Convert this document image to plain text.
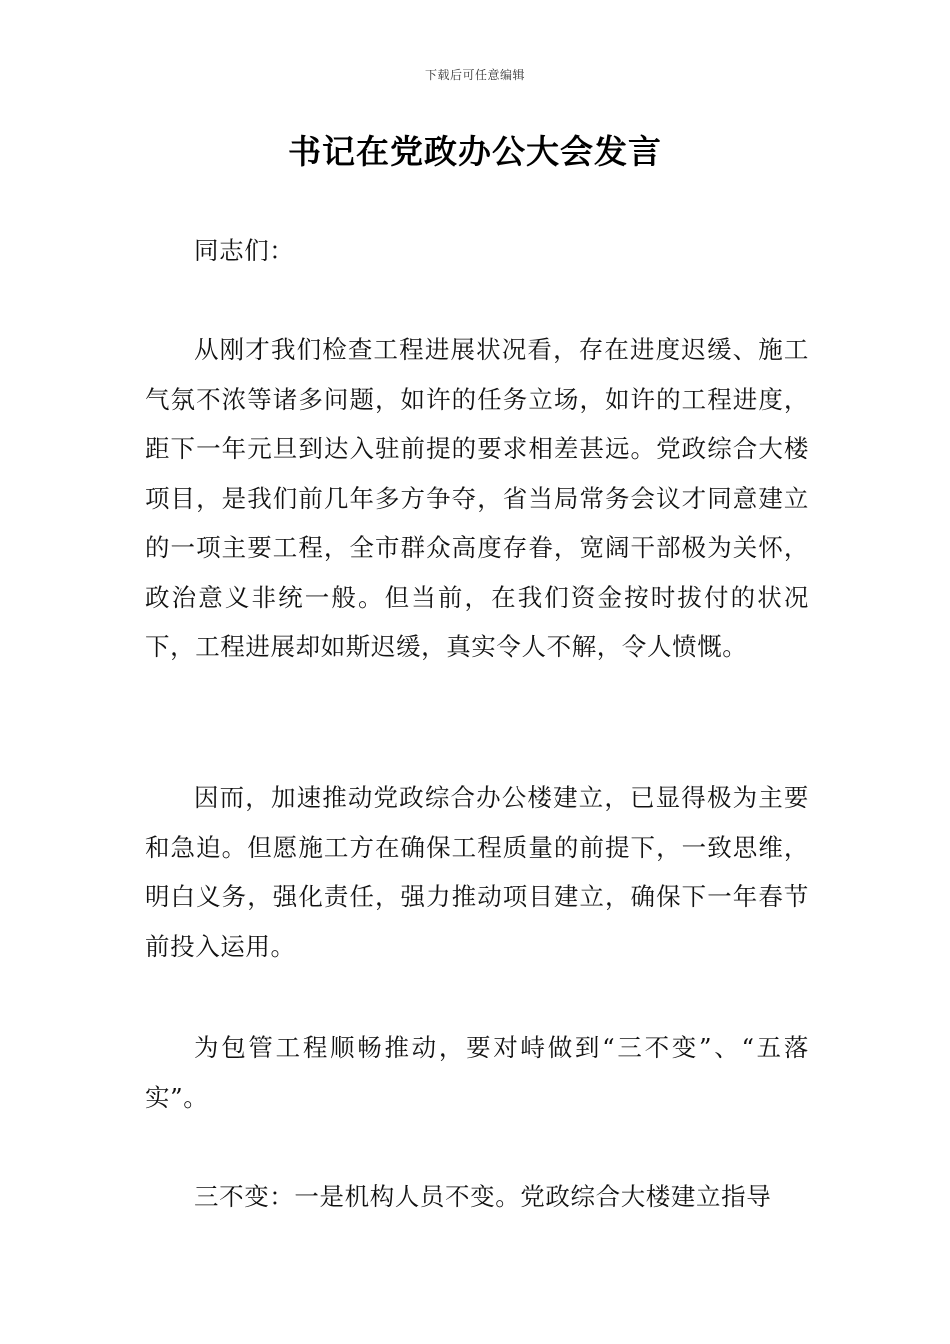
下载后可任意编辑
书记在党政办公大会发言

同志们：

从刚才我们检查工程进展状况看，存在进度迟缓、施工气氛不浓等诸多问题，如许的任务立场，如许的工程进度，距下一年元旦到达入驻前提的要求相差甚远。党政综合大楼项目，是我们前几年多方争夺，省当局常务会议才同意建立的一项主要工程，全市群众高度存眷，宽阔干部极为关怀，政治意义非统一般。但当前，在我们资金按时拔付的状况下，工程进展却如斯迟缓，真实令人不解，令人愤慨。

因而，加速推动党政综合办公楼建立，已显得极为主要和急迫。但愿施工方在确保工程质量的前提下，一致思维，明白义务，强化责任，强力推动项目建立，确保下一年春节前投入运用。

为包管工程顺畅推动，要对峙做到“三不变”、“五落实”。

三不变：一是机构人员不变。党政综合大楼建立指导
